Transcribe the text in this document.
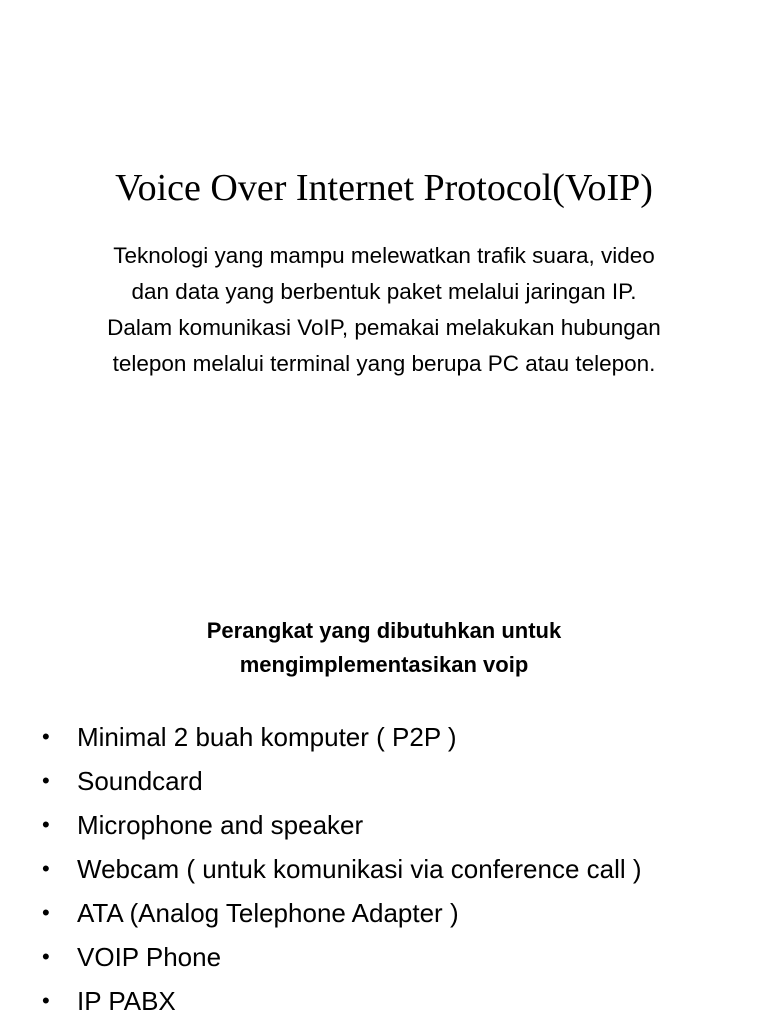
Voice Over Internet Protocol(VoIP)

Teknologi yang mampu melewatkan trafik suara, video
dan data yang berbentuk paket melalui jaringan IP.
Dalam komunikasi VoIP, pemakai melakukan hubungan
telepon melalui terminal yang berupa PC atau telepon.

Perangkat yang dibutuhkan untuk
mengimplementasikan voip
• Minimal 2 buah komputer ( P2P )
• Soundcard
• Microphone and speaker
• Webcam ( untuk komunikasi via conference call )
• ATA (Analog Telephone Adapter )
• VOIP Phone
• IP PABX
